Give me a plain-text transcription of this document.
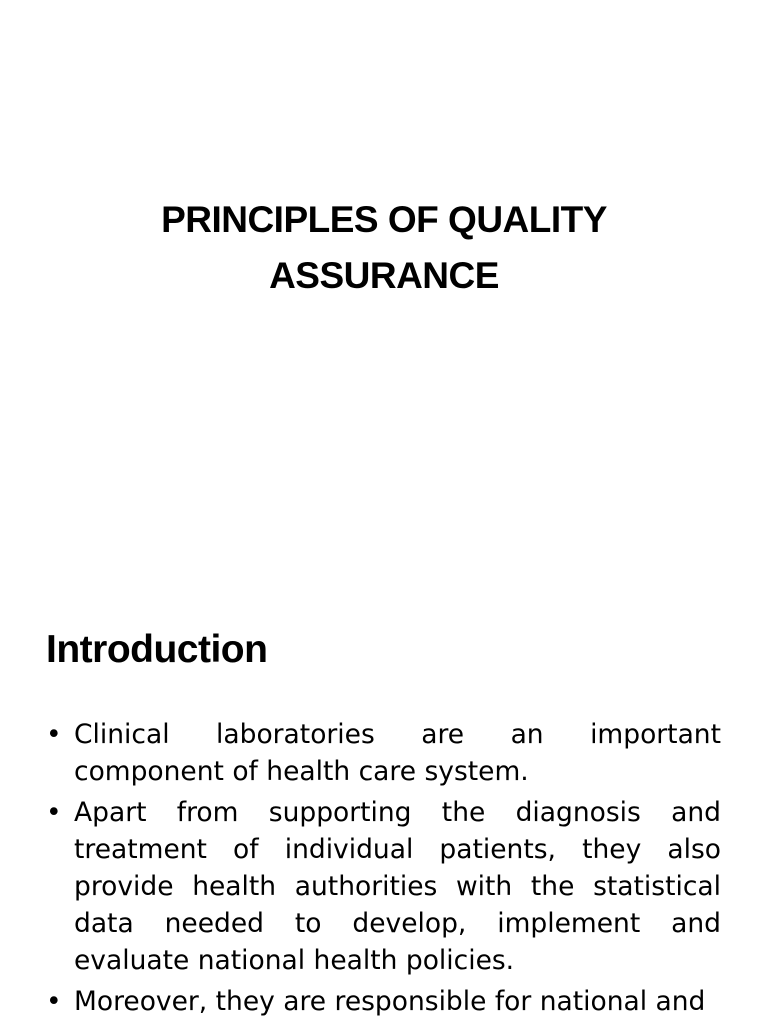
PRINCIPLES OF QUALITY
ASSURANCE
Introduction
• Clinical laboratories are an important component of health care system.
• Apart from supporting the diagnosis and treatment of individual patients, they also provide health authorities with the statistical data needed to develop, implement and evaluate national health policies.
• Moreover, they are responsible for national and
